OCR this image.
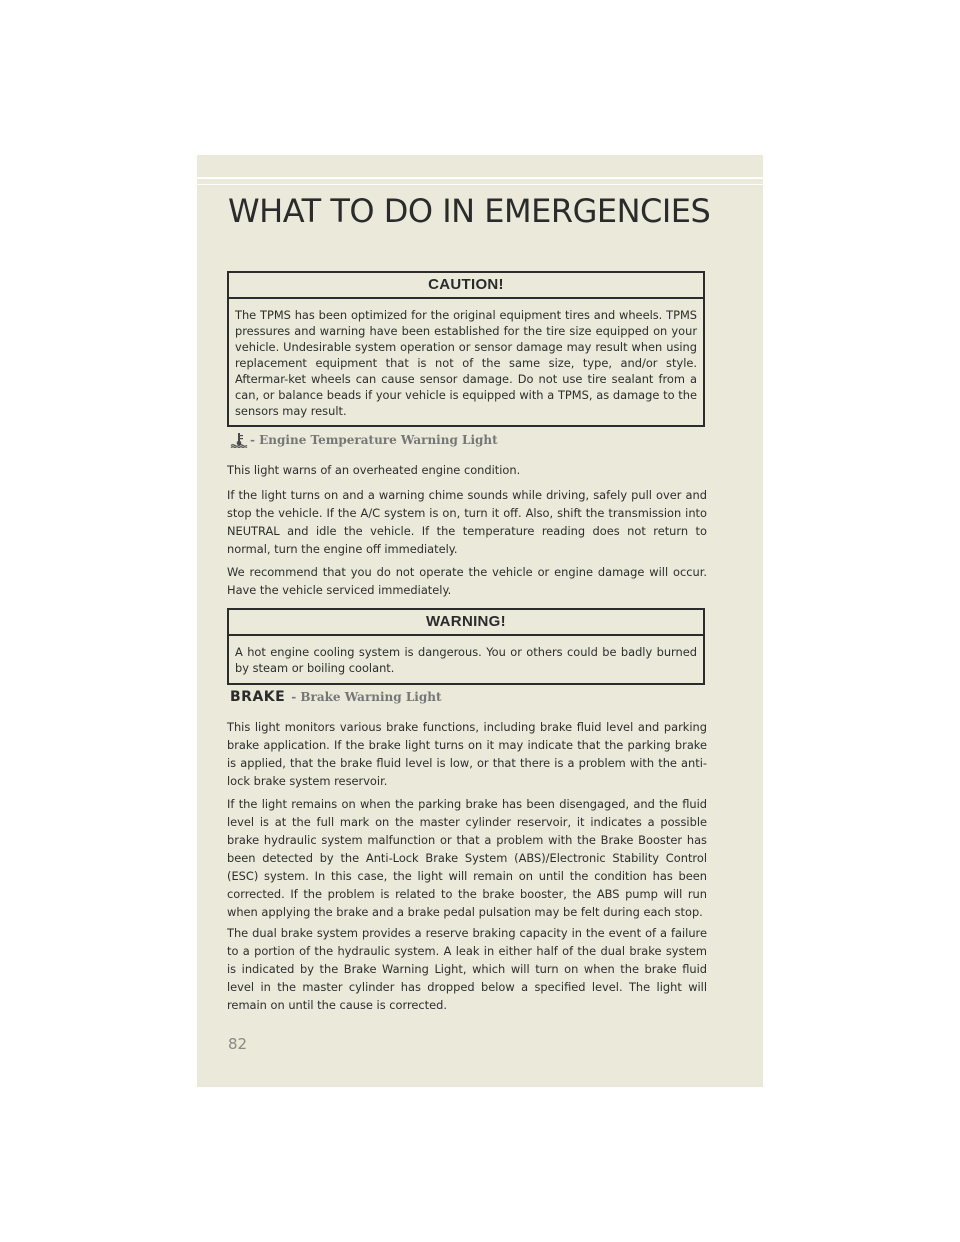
WHAT TO DO IN EMERGENCIES
CAUTION!
The TPMS has been optimized for the original equipment tires and wheels. TPMS pressures and warning have been established for the tire size equipped on your vehicle. Undesirable system operation or sensor damage may result when using replacement equipment that is not of the same size, type, and/or style. Aftermar-ket wheels can cause sensor damage. Do not use tire sealant from a can, or balance beads if your vehicle is equipped with a TPMS, as damage to the sensors may result.
- Engine Temperature Warning Light

This light warns of an overheated engine condition.

If the light turns on and a warning chime sounds while driving, safely pull over and stop the vehicle. If the A/C system is on, turn it off. Also, shift the transmission into NEUTRAL and idle the vehicle. If the temperature reading does not return to normal, turn the engine off immediately.

We recommend that you do not operate the vehicle or engine damage will occur. Have the vehicle serviced immediately.

WARNING!
A hot engine cooling system is dangerous. You or others could be badly burned by steam or boiling coolant.
BRAKE - Brake Warning Light

This light monitors various brake functions, including brake fluid level and parking brake application. If the brake light turns on it may indicate that the parking brake is applied, that the brake fluid level is low, or that there is a problem with the anti-lock brake system reservoir.

If the light remains on when the parking brake has been disengaged, and the fluid level is at the full mark on the master cylinder reservoir, it indicates a possible brake hydraulic system malfunction or that a problem with the Brake Booster has been detected by the Anti-Lock Brake System (ABS)/Electronic Stability Control (ESC) system. In this case, the light will remain on until the condition has been corrected. If the problem is related to the brake booster, the ABS pump will run when applying the brake and a brake pedal pulsation may be felt during each stop.

The dual brake system provides a reserve braking capacity in the event of a failure to a portion of the hydraulic system. A leak in either half of the dual brake system is indicated by the Brake Warning Light, which will turn on when the brake fluid level in the master cylinder has dropped below a specified level. The light will remain on until the cause is corrected.

82
